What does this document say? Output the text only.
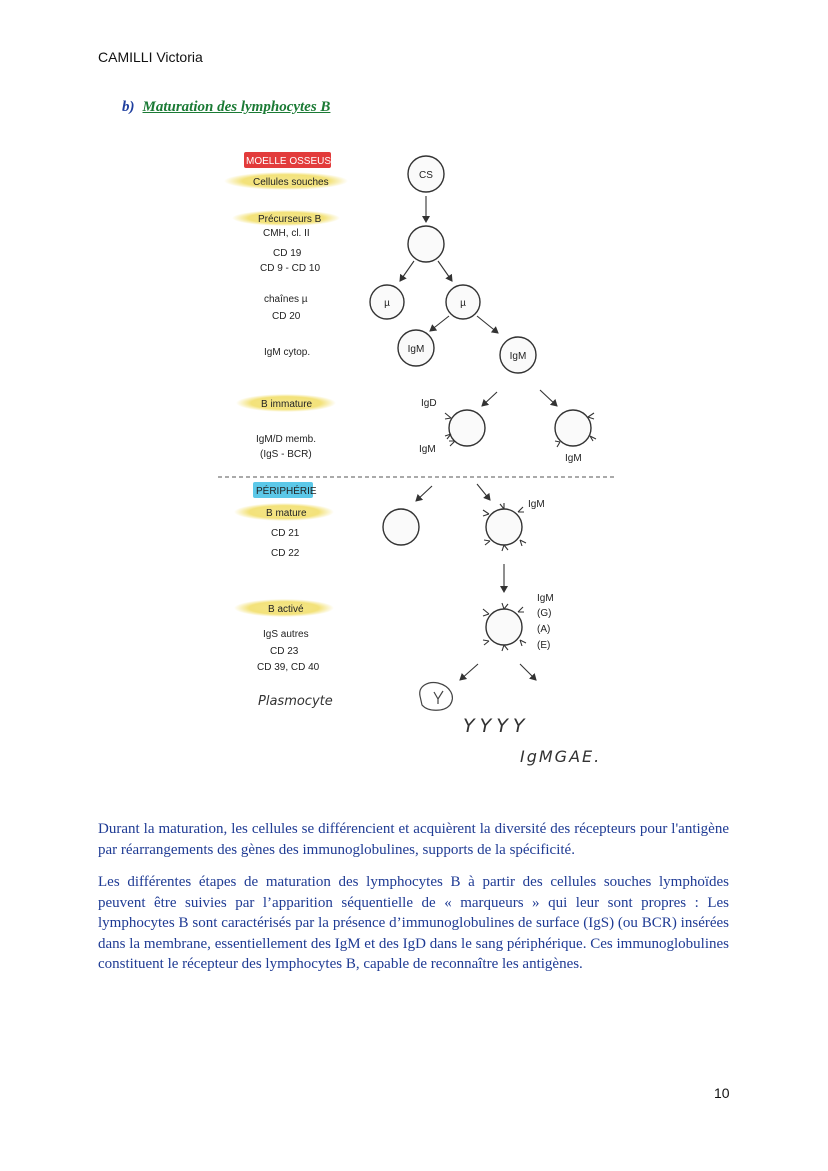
CAMILLI Victoria
b) Maturation des lymphocytes B
MOELLE OSSEUSE
Cellules souches
Précurseurs B
CMH, cl. II
CD 19
CD 9 - CD 10
chaînes µ
CD 20
IgM cytop.
B immature
IgM/D memb.
(IgS - BCR)
PÉRIPHÉRIE
B mature
CD 21
CD 22
B activé
IgS autres
CD 23
CD 39, CD 40
CS
µ	µ
IgM
IgM
IgD
IgM
IgM
IgM
IgM
(G)
(A)
(E)
Plasmocyte
YYYY
IgMGAE.

Durant la maturation, les cellules se différencient et acquièrent la diversité des récepteurs pour l'antigène par réarrangements des gènes des immunoglobulines, supports de la spécificité.

Les différentes étapes de maturation des lymphocytes B à partir des cellules souches lymphoïdes peuvent être suivies par l’apparition séquentielle de « marqueurs » qui leur sont propres : Les lymphocytes B sont caractérisés par la présence d’immunoglobulines de surface (IgS) (ou BCR) insérées dans la membrane, essentiellement des IgM et des IgD dans le sang périphérique. Ces immunoglobulines constituent le récepteur des lymphocytes B, capable de reconnaître les antigènes.

10
